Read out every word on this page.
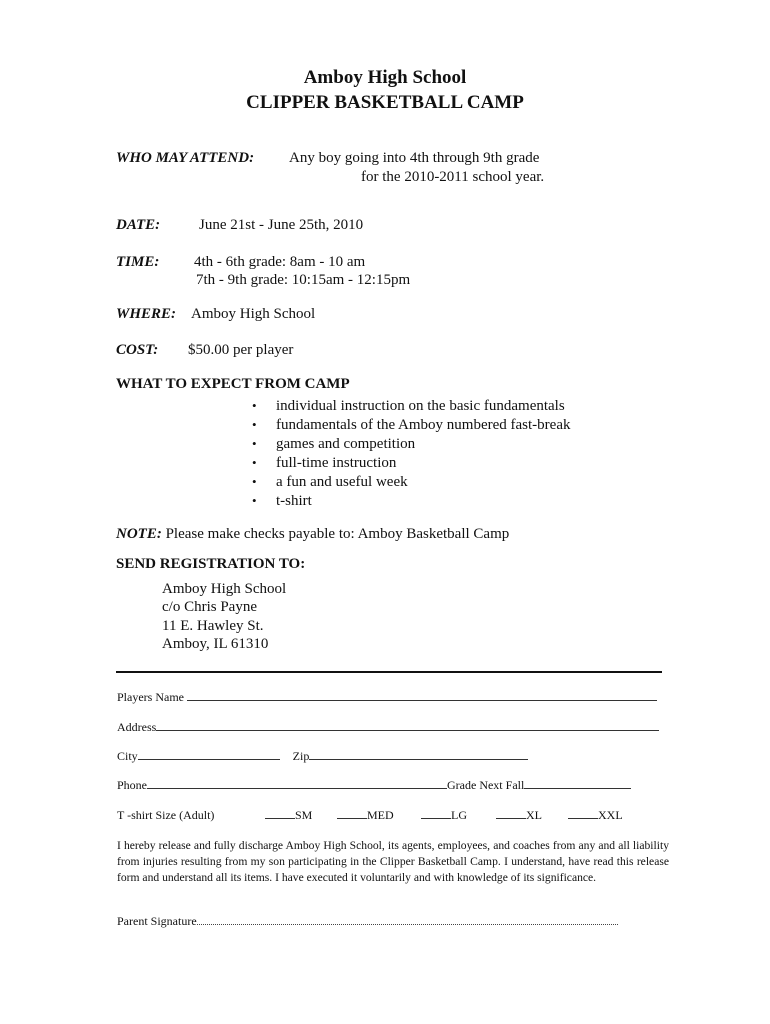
Amboy High School
CLIPPER BASKETBALL CAMP
WHO MAY ATTEND: Any boy going into 4th through 9th grade
for the 2010-2011 school year.
DATE:	June 21st - June 25th, 2010
TIME: 4th - 6th grade: 8am - 10 am
7th - 9th grade: 10:15am - 12:15pm
WHERE: Amboy High School
COST: $50.00 per player
WHAT TO EXPECT FROM CAMP
• individual instruction on the basic fundamentals
• fundamentals of the Amboy numbered fast-break
• games and competition
• full-time instruction
• a fun and useful week
• t-shirt
NOTE: Please make checks payable to: Amboy Basketball Camp
SEND REGISTRATION TO:
Amboy High School
c/o Chris Payne
11 E. Hawley St.
Amboy, IL 61310
Players Name
Address
City	Zip
Phone	Grade Next Fall
T -shirt Size (Adult)	SM	MED	LG	XL	XXL
I hereby release and fully discharge Amboy High School, its agents, employees, and coaches from any and all liability from injuries resulting from my son participating in the Clipper Basketball Camp. I understand, have read this release form and understand all its items. I have executed it voluntarily and with knowledge of its significance.
Parent Signature
